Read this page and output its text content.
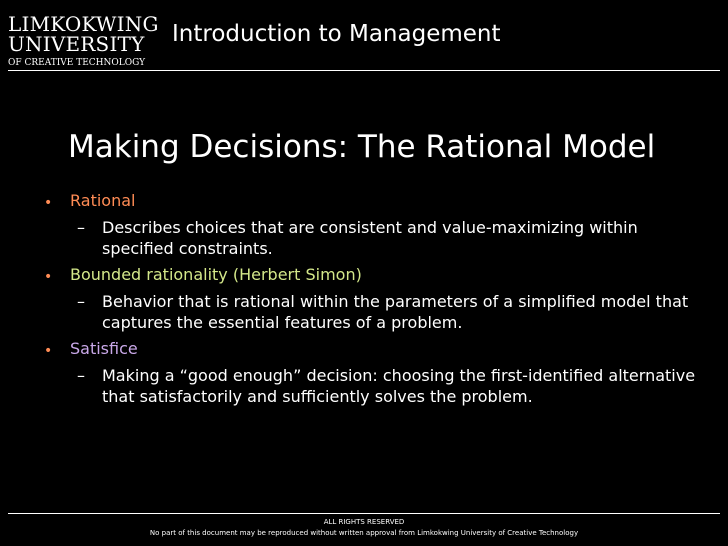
LIMKOKWING
UNIVERSITY
OF CREATIVE TECHNOLOGY
Introduction to Management
Making Decisions: The Rational Model
• Rational
– Describes choices that are consistent and value-maximizing within specified constraints.
• Bounded rationality (Herbert Simon)
– Behavior that is rational within the parameters of a simplified model that captures the essential features of a problem.
• Satisfice
– Making a “good enough” decision: choosing the first-identified alternative that satisfactorily and sufficiently solves the problem.
ALL RIGHTS RESERVED
No part of this document may be reproduced without written approval from Limkokwing University of Creative Technology
